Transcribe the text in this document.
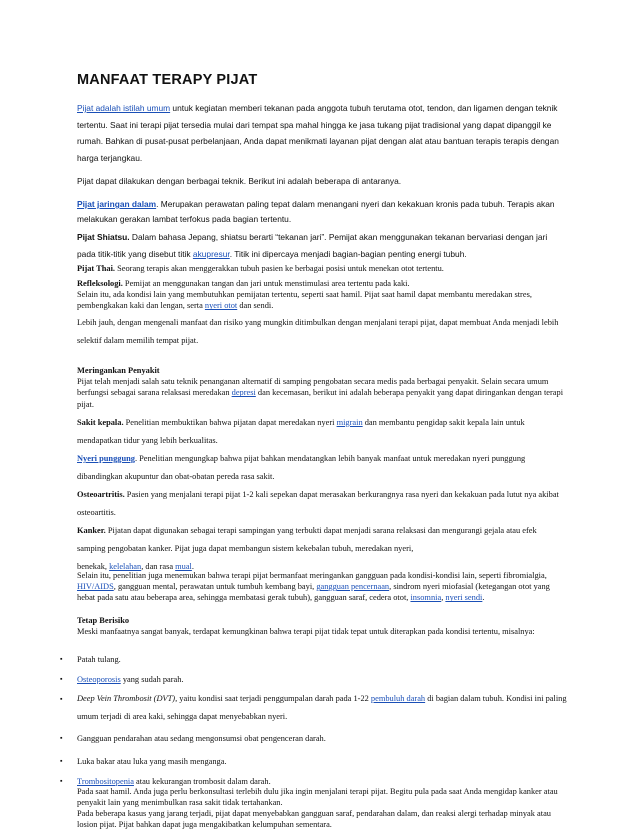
MANFAAT TERAPY PIJAT
Pijat adalah istilah umum untuk kegiatan memberi tekanan pada anggota tubuh terutama otot, tendon, dan ligamen dengan teknik tertentu. Saat ini terapi pijat tersedia mulai dari tempat spa mahal hingga ke jasa tukang pijat tradisional yang dapat dipanggil ke rumah. Bahkan di pusat-pusat perbelanjaan, Anda dapat menikmati layanan pijat dengan alat atau bantuan terapis terapis dengan harga terjangkau.
Pijat dapat dilakukan dengan berbagai teknik. Berikut ini adalah beberapa di antaranya.
Pijat jaringan dalam. Merupakan perawatan paling tepat dalam menangani nyeri dan kekakuan kronis pada tubuh. Terapis akan melakukan gerakan lambat terfokus pada bagian tertentu.
Pijat Shiatsu. Dalam bahasa Jepang, shiatsu berarti “tekanan jari”. Pemijat akan menggunakan tekanan bervariasi dengan jari pada titik-titik yang disebut titik akupresur. Titik ini dipercaya menjadi bagian-bagian penting energi tubuh.
Pijat Thai. Seorang terapis akan menggerakkan tubuh pasien ke berbagai posisi untuk menekan otot tertentu.
Refleksologi. Pemijat an menggunakan tangan dan jari untuk menstimulasi area tertentu pada kaki.
Selain itu, ada kondisi lain yang membutuhkan pemijatan tertentu, seperti saat hamil. Pijat saat hamil dapat membantu meredakan stres, pembengkakan kaki dan lengan, serta nyeri otot dan sendi.
Lebih jauh, dengan mengenali manfaat dan risiko yang mungkin ditimbulkan dengan menjalani terapi pijat, dapat membuat Anda menjadi lebih selektif dalam memilih tempat pijat.
Meringankan Penyakit
Pijat telah menjadi salah satu teknik penanganan alternatif di samping pengobatan secara medis pada berbagai penyakit. Selain secara umum berfungsi sebagai sarana relaksasi meredakan depresi dan kecemasan, berikut ini adalah beberapa penyakit yang dapat diringankan dengan terapi pijat.
Sakit kepala. Penelitian membuktikan bahwa pijatan dapat meredakan nyeri migrain dan membantu pengidap sakit kepala lain untuk mendapatkan tidur yang lebih berkualitas.
Nyeri punggung. Penelitian mengungkap bahwa pijat bahkan mendatangkan lebih banyak manfaat untuk meredakan nyeri punggung dibandingkan akupuntur dan obat-obatan pereda rasa sakit.
Osteoartritis. Pasien yang menjalani terapi pijat 1-2 kali sepekan dapat merasakan berkurangnya rasa nyeri dan kekakuan pada lutut nya akibat osteoartitis.
Kanker. Pijatan dapat digunakan sebagai terapi sampingan yang terbukti dapat menjadi sarana relaksasi dan mengurangi gejala atau efek samping pengobatan kanker. Pijat juga dapat membangun sistem kekebalan tubuh, meredakan nyeri,
benekak, kelelahan, dan rasa mual.
Selain itu, penelitian juga menemukan bahwa terapi pijat bermanfaat meringankan gangguan pada kondisi-kondisi lain, seperti fibromialgia, HIV/AIDS, gangguan mental, perawatan untuk tumbuh kembang bayi, gangguan pencernaan, sindrom nyeri miofasial (ketegangan otot yang hebat pada satu atau beberapa area, sehingga membatasi gerak tubuh), gangguan saraf, cedera otot, insomnia, nyeri sendi.
Tetap Berisiko
Meski manfaatnya sangat banyak, terdapat kemungkinan bahwa terapi pijat tidak tepat untuk diterapkan pada kondisi tertentu, misalnya:
▪ Patah tulang.
▪ Osteoporosis yang sudah parah.
▪ Deep Vein Thrombosit (DVT), yaitu kondisi saat terjadi penggumpalan darah pada 1-22 pembuluh darah di bagian dalam tubuh. Kondisi ini paling umum terjadi di area kaki, sehingga dapat menyebabkan nyeri.
▪ Gangguan pendarahan atau sedang mengonsumsi obat pengenceran darah.
▪ Luka bakar atau luka yang masih menganga.
▪ Trombositopenia atau kekurangan trombosit dalam darah.
Pada saat hamil. Anda juga perlu berkonsultasi terlebih dulu jika ingin menjalani terapi pijat. Begitu pula pada saat Anda mengidap kanker atau penyakit lain yang menimbulkan rasa sakit tidak tertahankan.
Pada beberapa kasus yang jarang terjadi, pijat dapat menyebabkan gangguan saraf, pendarahan dalam, dan reaksi alergi terhadap minyak atau losion pijat. Pijat bahkan dapat juga mengakibatkan kelumpuhan sementara.
